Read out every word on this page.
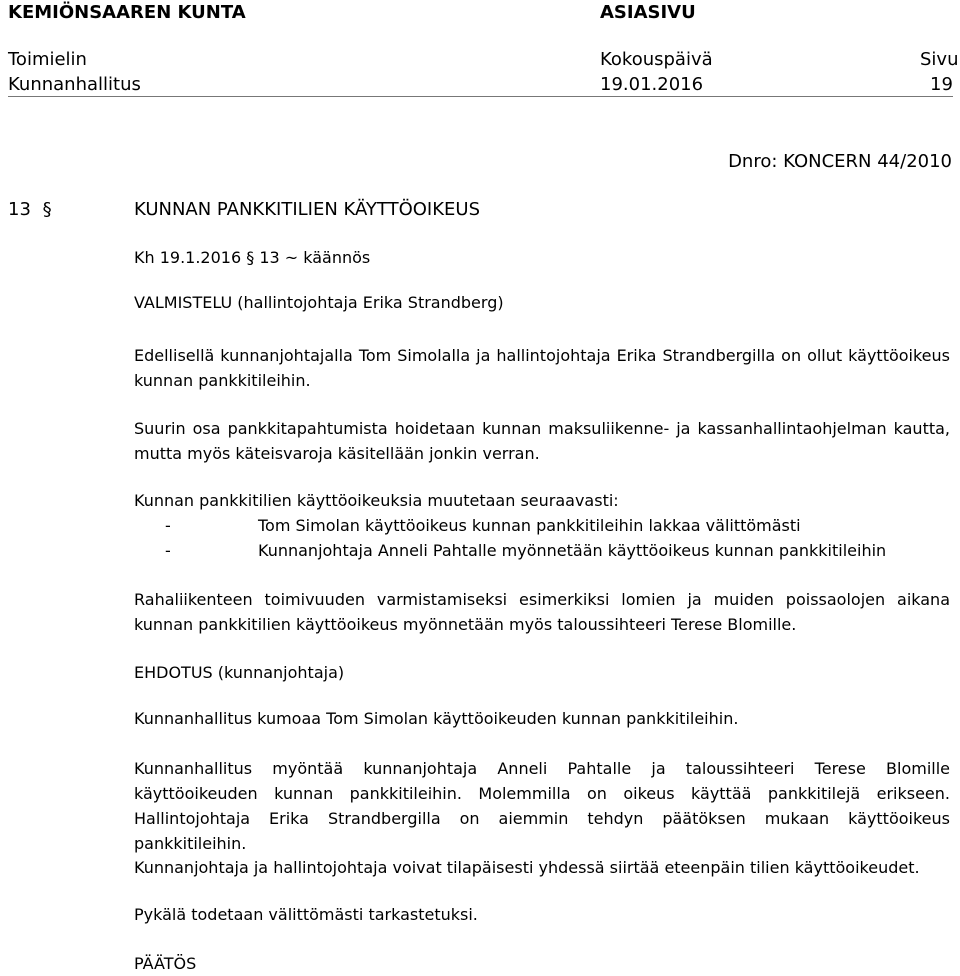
KEMIÖNSAAREN KUNTA	ASIASIVU
Toimielin	Kokouspäivä	Sivu
Kunnanhallitus	19.01.2016	19
Dnro: KONCERN 44/2010
13 §	KUNNAN PANKKITILIEN KÄYTTÖOIKEUS
Kh 19.1.2016 § 13 ~ käännös
VALMISTELU (hallintojohtaja Erika Strandberg)

Edellisellä kunnanjohtajalla Tom Simolalla ja hallintojohtaja Erika Strandbergilla on ollut käyttöoikeus kunnan pankkitileihin.

Suurin osa pankkitapahtumista hoidetaan kunnan maksuliikenne- ja kassanhallintaohjelman kautta, mutta myös käteisvaroja käsitellään jonkin verran.

Kunnan pankkitilien käyttöoikeuksia muutetaan seuraavasti:

-	Tom Simolan käyttöoikeus kunnan pankkitileihin lakkaa välittömästi
-	Kunnanjohtaja Anneli Pahtalle myönnetään käyttöoikeus kunnan pankkitileihin

Rahaliikenteen toimivuuden varmistamiseksi esimerkiksi lomien ja muiden poissaolojen aikana kunnan pankkitilien käyttöoikeus myönnetään myös taloussihteeri Terese Blomille.

EHDOTUS (kunnanjohtaja)

Kunnanhallitus kumoaa Tom Simolan käyttöoikeuden kunnan pankkitileihin.

Kunnanhallitus myöntää kunnanjohtaja Anneli Pahtalle ja taloussihteeri Terese Blomille käyttöoikeuden kunnan pankkitileihin. Molemmilla on oikeus käyttää pankkitilejä erikseen. Hallintojohtaja Erika Strandbergilla on aiemmin tehdyn päätöksen mukaan käyttöoikeus pankkitileihin.

Kunnanjohtaja ja hallintojohtaja voivat tilapäisesti yhdessä siirtää eteenpäin tilien käyttöoikeudet.

Pykälä todetaan välittömästi tarkastetuksi.

PÄÄTÖS
